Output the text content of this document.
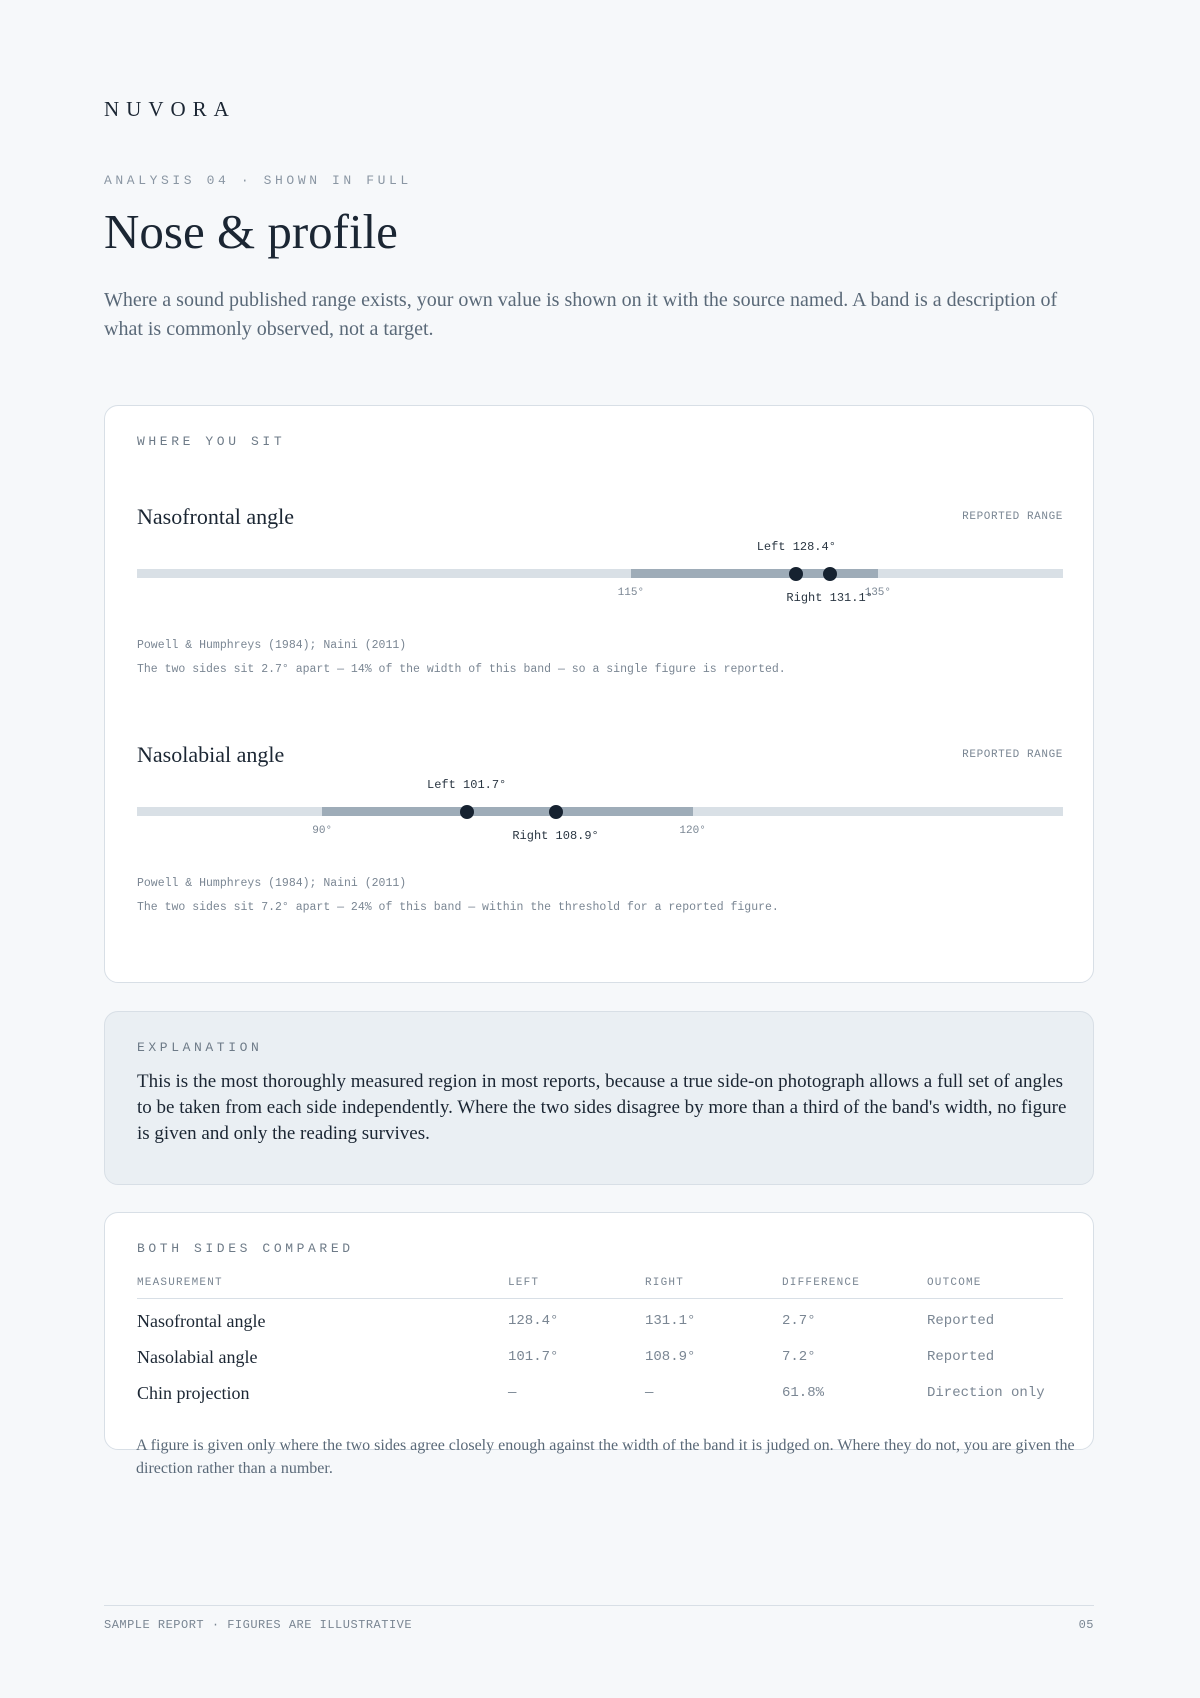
NUVORA
ANALYSIS 04 · SHOWN IN FULL
Nose & profile
Where a sound published range exists, your own value is shown on it with the source named. A band is a description of what is commonly observed, not a target.
WHERE YOU SIT
Nasofrontal angle	REPORTED RANGE
Left 128.4°
115°	135°
Right 131.1°
Powell & Humphreys (1984); Naini (2011)
The two sides sit 2.7° apart — 14% of the width of this band — so a single figure is reported.
Nasolabial angle	REPORTED RANGE
Left 101.7°
90°	120°
Right 108.9°
Powell & Humphreys (1984); Naini (2011)
The two sides sit 7.2° apart — 24% of this band — within the threshold for a reported figure.
EXPLANATION
This is the most thoroughly measured region in most reports, because a true side-on photograph allows a full set of angles to be taken from each side independently. Where the two sides disagree by more than a third of the band's width, no figure is given and only the reading survives.
BOTH SIDES COMPARED
MEASUREMENT	LEFT	RIGHT	DIFFERENCE	OUTCOME
Nasofrontal angle	128.4°	131.1°	2.7°	Reported
Nasolabial angle	101.7°	108.9°	7.2°	Reported
Chin projection	—	—	61.8%	Direction only
A figure is given only where the two sides agree closely enough against the width of the band it is judged on. Where they do not, you are given the direction rather than a number.
SAMPLE REPORT · FIGURES ARE ILLUSTRATIVE	05
